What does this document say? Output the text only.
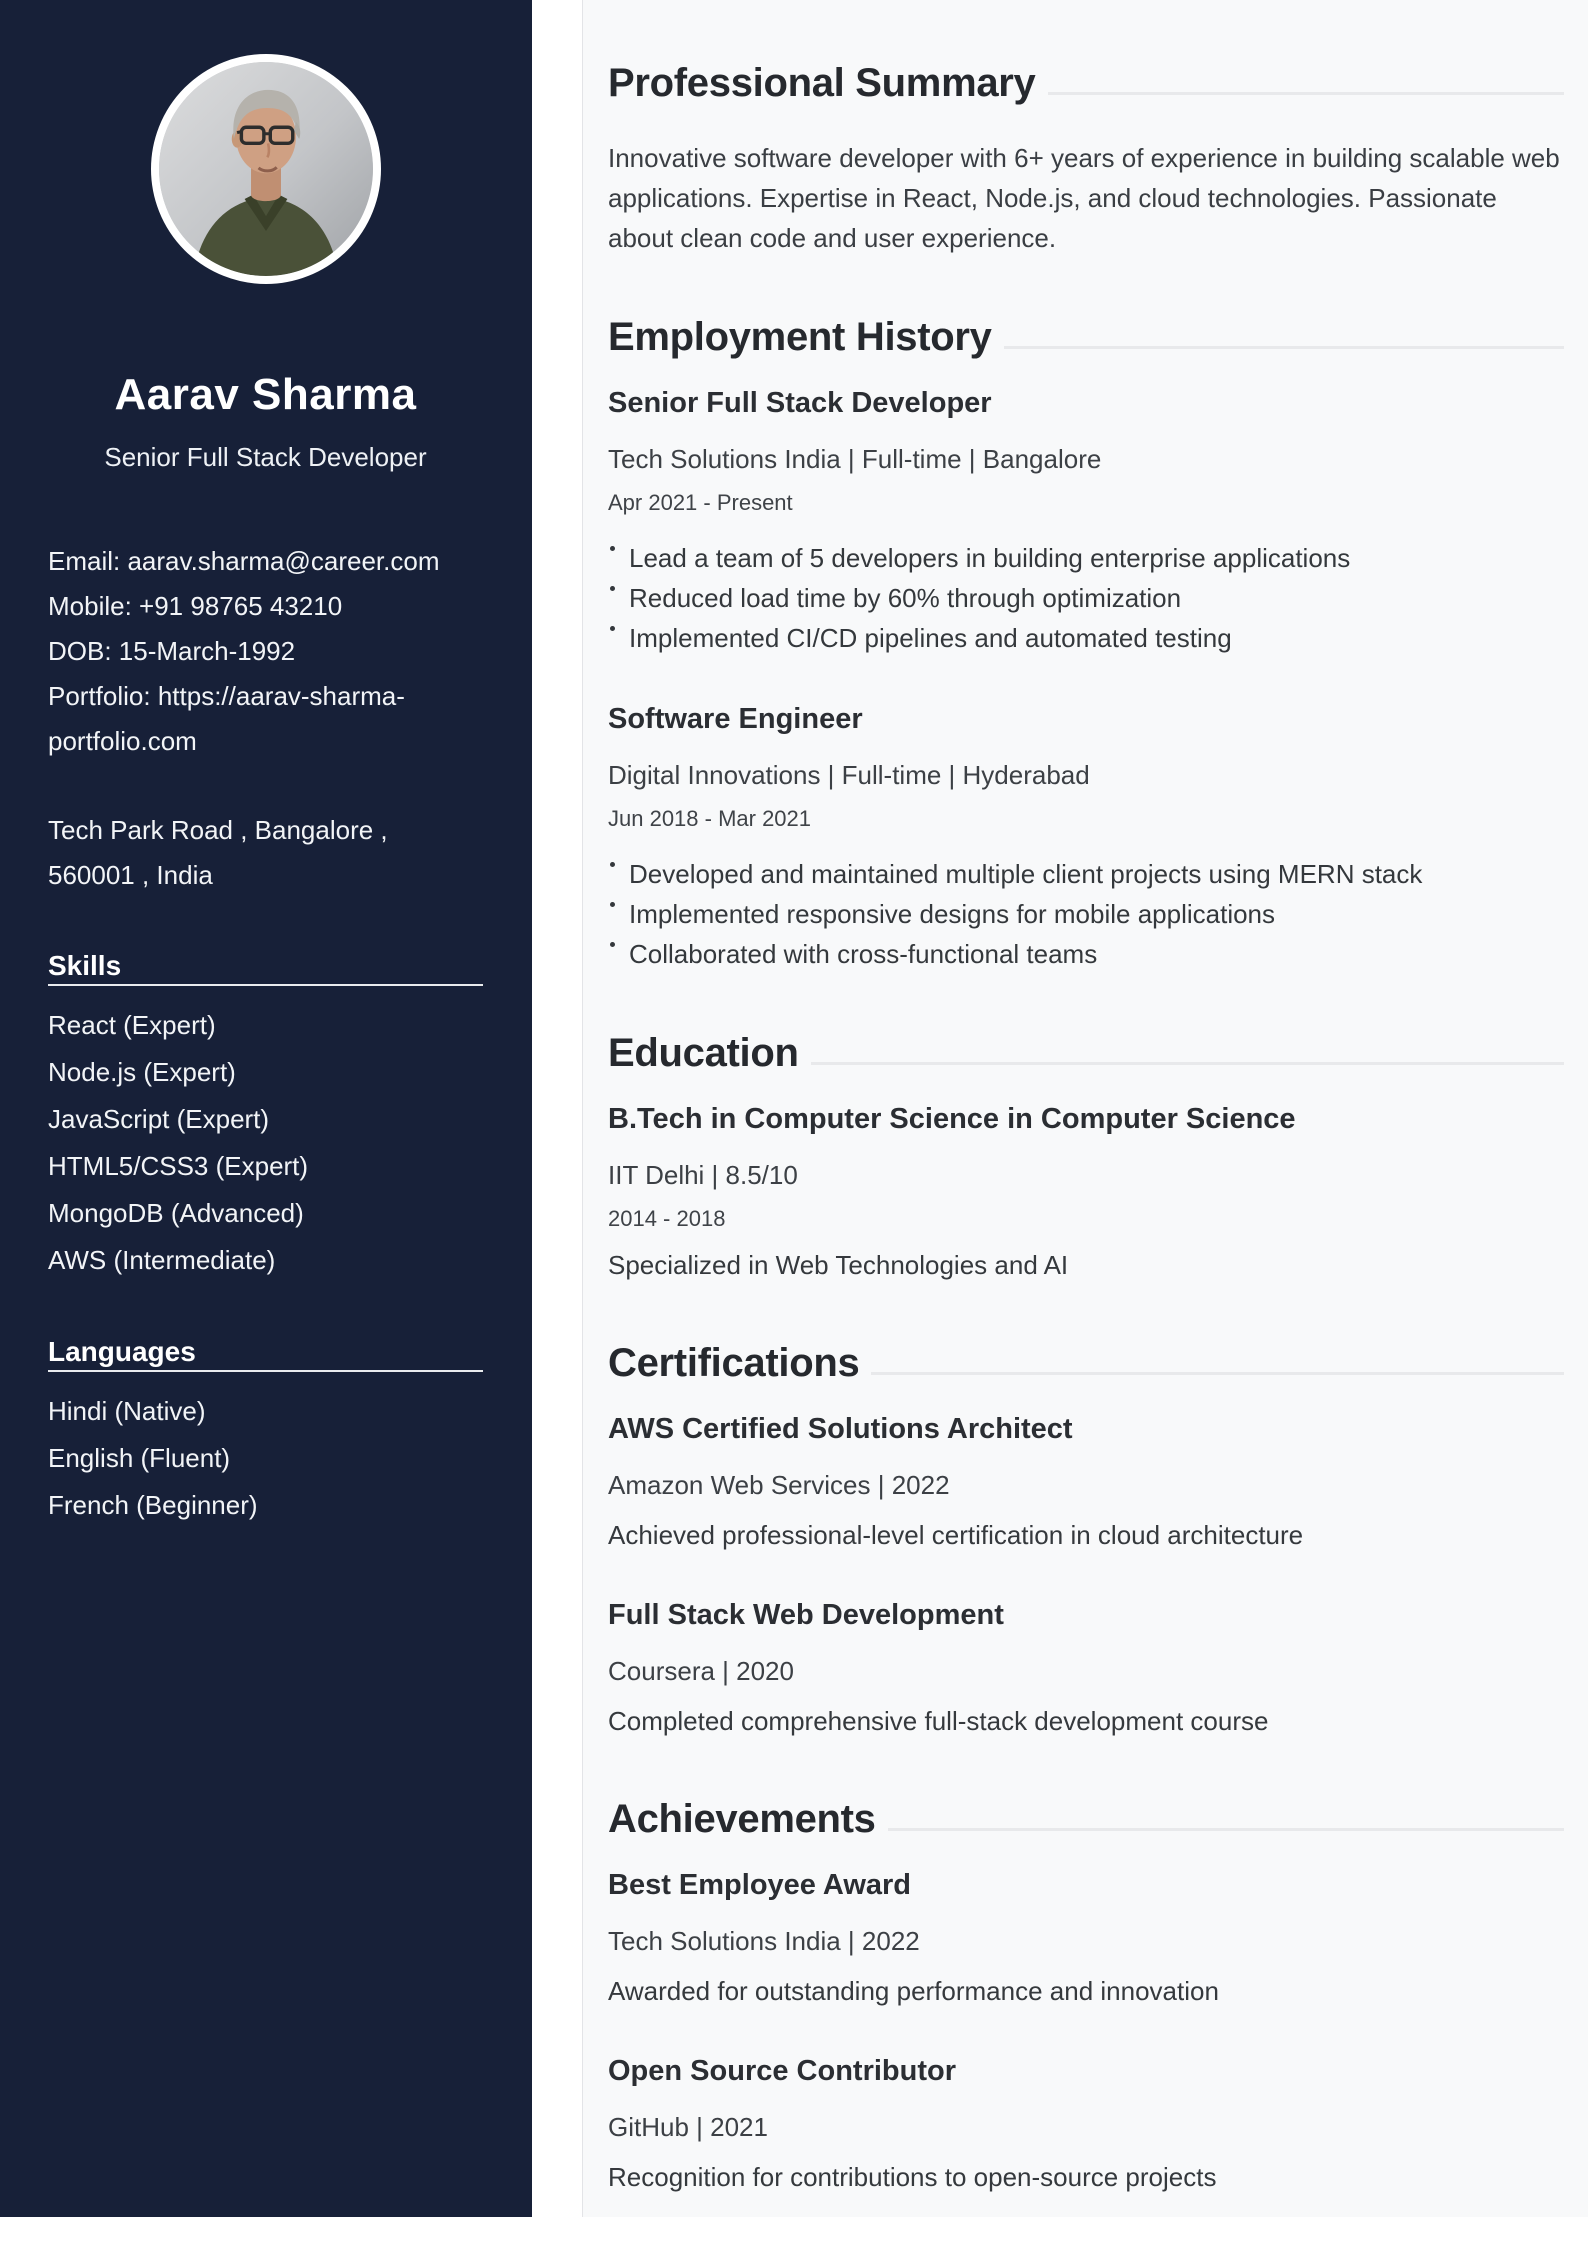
Aarav Sharma
Senior Full Stack Developer
Email: aarav.sharma@career.com
Mobile: +91 98765 43210
DOB: 15-March-1992
Portfolio: https://aarav-sharma-portfolio.com
Tech Park Road , Bangalore ,
560001 , India
Skills
React (Expert)
Node.js (Expert)
JavaScript (Expert)
HTML5/CSS3 (Expert)
MongoDB (Advanced)
AWS (Intermediate)
Languages
Hindi (Native)
English (Fluent)
French (Beginner)
Professional Summary

Innovative software developer with 6+ years of experience in building scalable web applications. Expertise in React, Node.js, and cloud technologies. Passionate about clean code and user experience.

Employment History
Senior Full Stack Developer
Tech Solutions India | Full-time | Bangalore
Apr 2021 - Present
Lead a team of 5 developers in building enterprise applications
Reduced load time by 60% through optimization
Implemented CI/CD pipelines and automated testing
Software Engineer
Digital Innovations | Full-time | Hyderabad
Jun 2018 - Mar 2021
Developed and maintained multiple client projects using MERN stack
Implemented responsive designs for mobile applications
Collaborated with cross-functional teams
Education
B.Tech in Computer Science in Computer Science
IIT Delhi | 8.5/10
2014 - 2018
Specialized in Web Technologies and AI
Certifications
AWS Certified Solutions Architect
Amazon Web Services | 2022
Achieved professional-level certification in cloud architecture
Full Stack Web Development
Coursera | 2020
Completed comprehensive full-stack development course
Achievements
Best Employee Award
Tech Solutions India | 2022
Awarded for outstanding performance and innovation
Open Source Contributor
GitHub | 2021
Recognition for contributions to open-source projects
